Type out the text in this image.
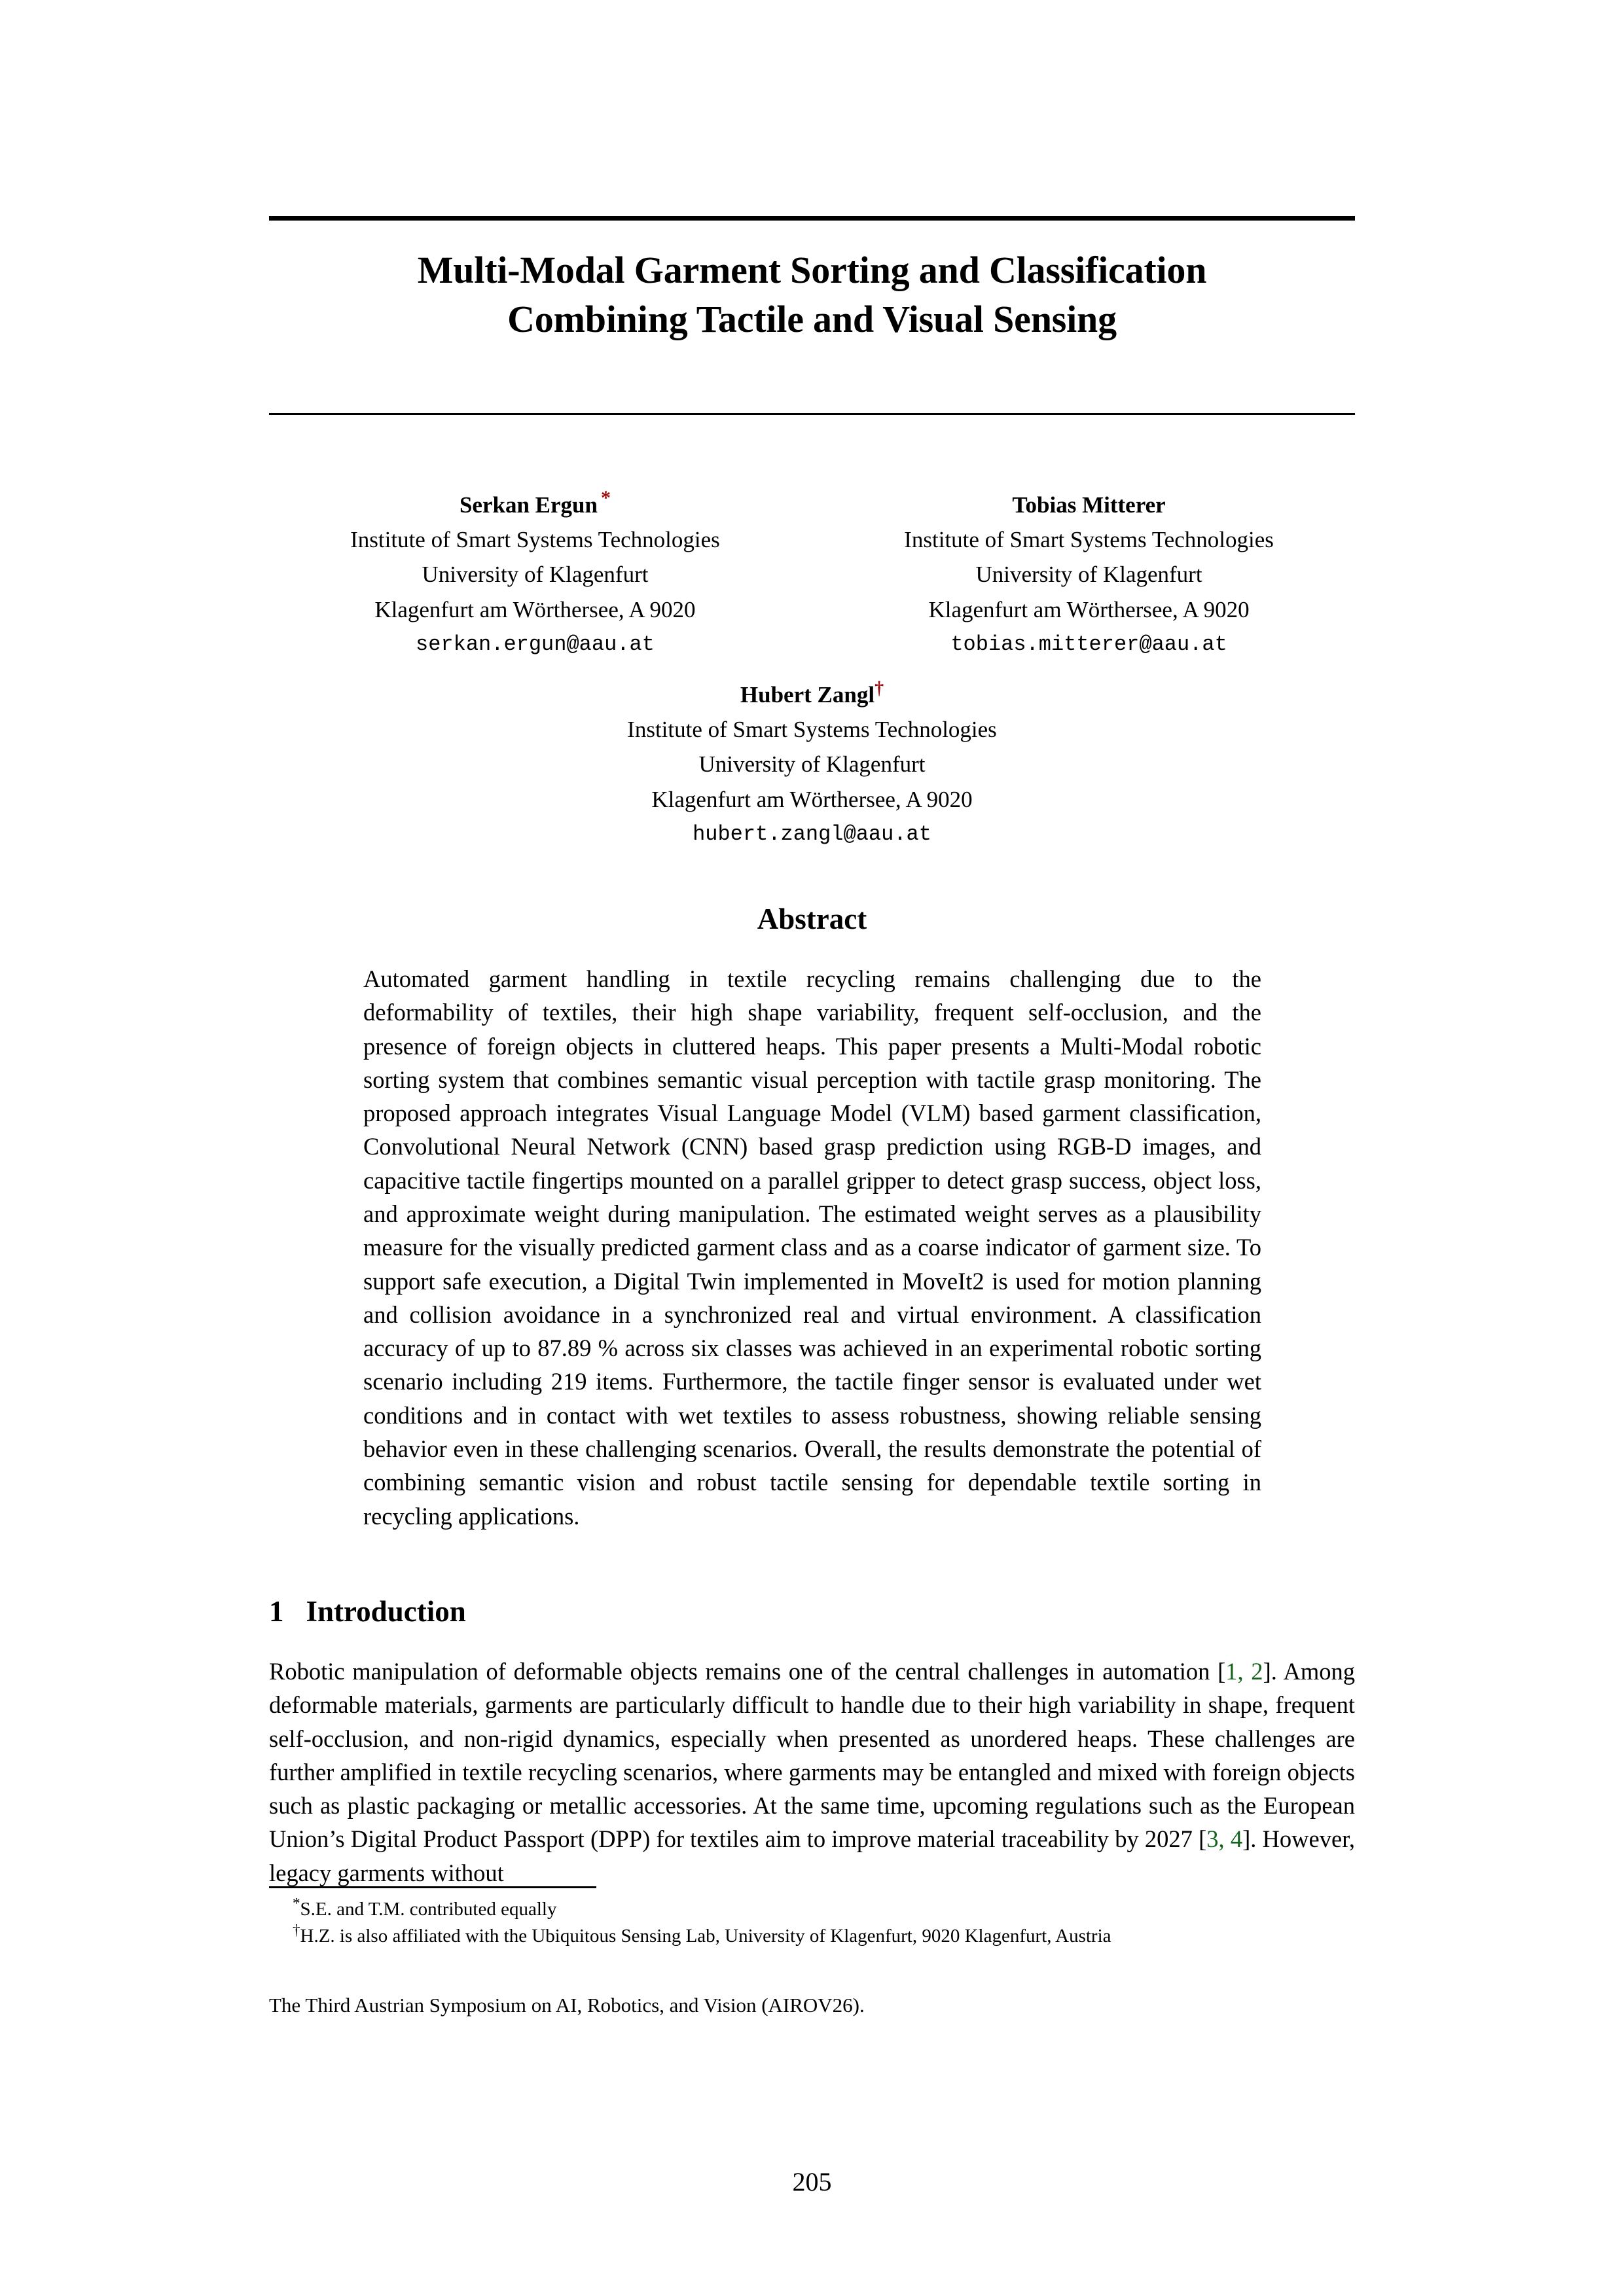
Multi-Modal Garment Sorting and Classification
Combining Tactile and Visual Sensing
Serkan Ergun *
Institute of Smart Systems Technologies
University of Klagenfurt
Klagenfurt am Wörthersee, A 9020
serkan.ergun@aau.at
Tobias Mitterer
Institute of Smart Systems Technologies
University of Klagenfurt
Klagenfurt am Wörthersee, A 9020
tobias.mitterer@aau.at
Hubert Zangl†
Institute of Smart Systems Technologies
University of Klagenfurt
Klagenfurt am Wörthersee, A 9020
hubert.zangl@aau.at
Abstract
Automated garment handling in textile recycling remains challenging due to the deformability of textiles, their high shape variability, frequent self-occlusion, and the presence of foreign objects in cluttered heaps. This paper presents a Multi-Modal robotic sorting system that combines semantic visual perception with tactile grasp monitoring. The proposed approach integrates Visual Language Model (VLM) based garment classification, Convolutional Neural Network (CNN) based grasp prediction using RGB-D images, and capacitive tactile fingertips mounted on a parallel gripper to detect grasp success, object loss, and approximate weight during manipulation. The estimated weight serves as a plausibility measure for the visually predicted garment class and as a coarse indicator of garment size. To support safe execution, a Digital Twin implemented in MoveIt2 is used for motion planning and collision avoidance in a synchronized real and virtual environment. A classification accuracy of up to 87.89 % across six classes was achieved in an experimental robotic sorting scenario including 219 items. Furthermore, the tactile finger sensor is evaluated under wet conditions and in contact with wet textiles to assess robustness, showing reliable sensing behavior even in these challenging scenarios. Overall, the results demonstrate the potential of combining semantic vision and robust tactile sensing for dependable textile sorting in recycling applications.
1 Introduction
Robotic manipulation of deformable objects remains one of the central challenges in automation [1, 2]. Among deformable materials, garments are particularly difficult to handle due to their high variability in shape, frequent self-occlusion, and non-rigid dynamics, especially when presented as unordered heaps. These challenges are further amplified in textile recycling scenarios, where garments may be entangled and mixed with foreign objects such as plastic packaging or metallic accessories. At the same time, upcoming regulations such as the European Union’s Digital Product Passport (DPP) for textiles aim to improve material traceability by 2027 [3, 4]. However, legacy garments without
*S.E. and T.M. contributed equally
†H.Z. is also affiliated with the Ubiquitous Sensing Lab, University of Klagenfurt, 9020 Klagenfurt, Austria
The Third Austrian Symposium on AI, Robotics, and Vision (AIROV26).
205
